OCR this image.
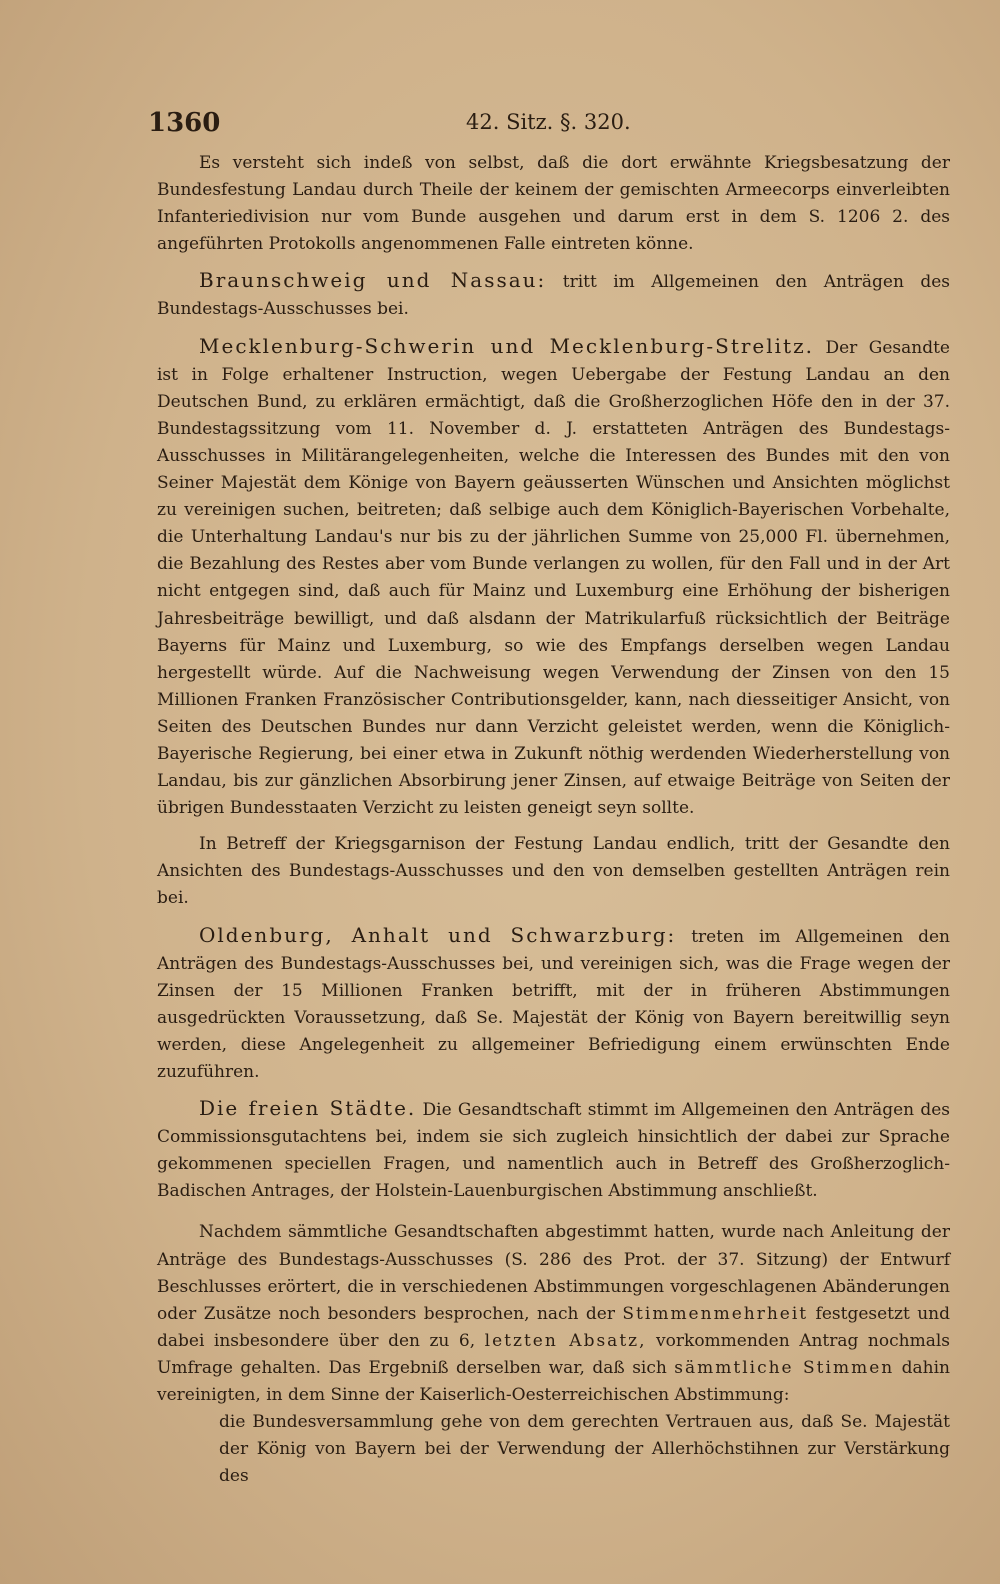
1360	42. Sitz. §. 320.

Es versteht sich indeß von selbst, daß die dort erwähnte Kriegsbesatzung der Bundesfestung Landau durch Theile der keinem der gemischten Armeecorps einverleibten Infanteriedivision nur vom Bunde ausgehen und darum erst in dem S. 1206 2. des angeführten Protokolls angenommenen Falle eintreten könne.

Braunschweig und Nassau: tritt im Allgemeinen den Anträgen des Bundestags-Ausschusses bei.

Mecklenburg-Schwerin und Mecklenburg-Strelitz. Der Gesandte ist in Folge erhaltener Instruction, wegen Uebergabe der Festung Landau an den Deutschen Bund, zu erklären ermächtigt, daß die Großherzoglichen Höfe den in der 37. Bundestagssitzung vom 11. November d. J. erstatteten Anträgen des Bundestags-Ausschusses in Militärangelegenheiten, welche die Interessen des Bundes mit den von Seiner Majestät dem Könige von Bayern geäusserten Wünschen und Ansichten möglichst zu vereinigen suchen, beitreten; daß selbige auch dem Königlich-Bayerischen Vorbehalte, die Unterhaltung Landau's nur bis zu der jährlichen Summe von 25,000 Fl. übernehmen, die Bezahlung des Restes aber vom Bunde verlangen zu wollen, für den Fall und in der Art nicht entgegen sind, daß auch für Mainz und Luxemburg eine Erhöhung der bisherigen Jahresbeiträge bewilligt, und daß alsdann der Matrikularfuß rücksichtlich der Beiträge Bayerns für Mainz und Luxemburg, so wie des Empfangs derselben wegen Landau hergestellt würde. Auf die Nachweisung wegen Verwendung der Zinsen von den 15 Millionen Franken Französischer Contributionsgelder, kann, nach diesseitiger Ansicht, von Seiten des Deutschen Bundes nur dann Verzicht geleistet werden, wenn die Königlich-Bayerische Regierung, bei einer etwa in Zukunft nöthig werdenden Wiederherstellung von Landau, bis zur gänzlichen Absorbirung jener Zinsen, auf etwaige Beiträge von Seiten der übrigen Bundesstaaten Verzicht zu leisten geneigt seyn sollte.

In Betreff der Kriegsgarnison der Festung Landau endlich, tritt der Gesandte den Ansichten des Bundestags-Ausschusses und den von demselben gestellten Anträgen rein bei.

Oldenburg, Anhalt und Schwarzburg: treten im Allgemeinen den Anträgen des Bundestags-Ausschusses bei, und vereinigen sich, was die Frage wegen der Zinsen der 15 Millionen Franken betrifft, mit der in früheren Abstimmungen ausgedrückten Voraussetzung, daß Se. Majestät der König von Bayern bereitwillig seyn werden, diese Angelegenheit zu allgemeiner Befriedigung einem erwünschten Ende zuzuführen.

Die freien Städte. Die Gesandtschaft stimmt im Allgemeinen den Anträgen des Commissionsgutachtens bei, indem sie sich zugleich hinsichtlich der dabei zur Sprache gekommenen speciellen Fragen, und namentlich auch in Betreff des Großherzoglich-Badischen Antrages, der Holstein-Lauenburgischen Abstimmung anschließt.

Nachdem sämmtliche Gesandtschaften abgestimmt hatten, wurde nach Anleitung der Anträge des Bundestags-Ausschusses (S. 286 des Prot. der 37. Sitzung) der Entwurf Beschlusses erörtert, die in verschiedenen Abstimmungen vorgeschlagenen Abänderungen oder Zusätze noch besonders besprochen, nach der Stimmenmehrheit festgesetzt und dabei insbesondere über den zu 6, letzten Absatz, vorkommenden Antrag nochmals Umfrage gehalten. Das Ergebniß derselben war, daß sich sämmtliche Stimmen dahin vereinigten, in dem Sinne der Kaiserlich-Oesterreichischen Abstimmung:

die Bundesversammlung gehe von dem gerechten Vertrauen aus, daß Se. Majestät der König von Bayern bei der Verwendung der Allerhöchstihnen zur Verstärkung des
